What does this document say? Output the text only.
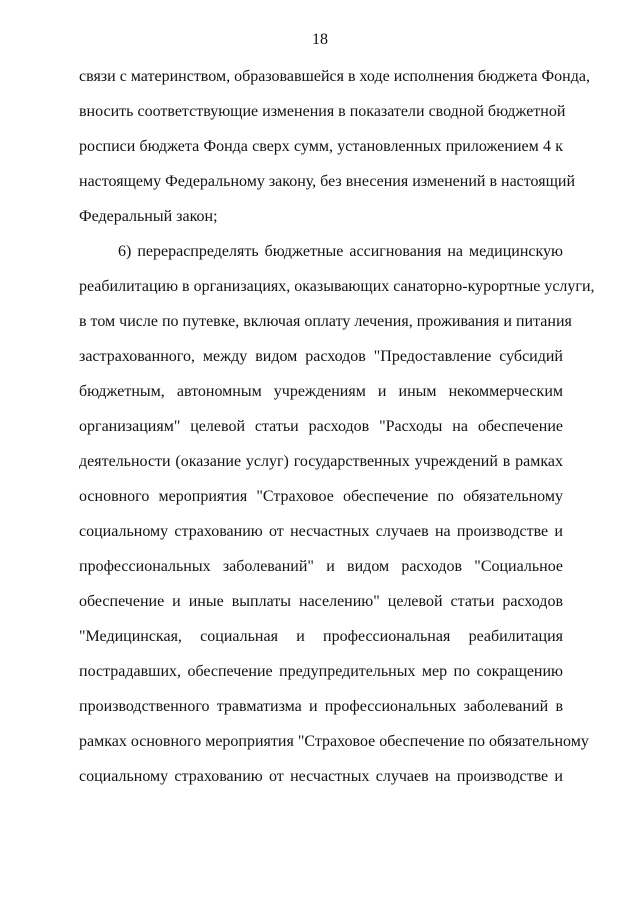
18
связи с материнством, образовавшейся в ходе исполнения бюджета Фонда,
вносить соответствующие изменения в показатели сводной бюджетной
росписи бюджета Фонда сверх сумм, установленных приложением 4 к
настоящему Федеральному закону, без внесения изменений в настоящий
Федеральный закон;
6) перераспределять бюджетные ассигнования на медицинскую
реабилитацию в организациях, оказывающих санаторно-курортные услуги,
в том числе по путевке, включая оплату лечения, проживания и питания
застрахованного, между видом расходов "Предоставление субсидий
бюджетным, автономным учреждениям и иным некоммерческим
организациям" целевой статьи расходов "Расходы на обеспечение
деятельности (оказание услуг) государственных учреждений в рамках
основного мероприятия "Страховое обеспечение по обязательному
социальному страхованию от несчастных случаев на производстве и
профессиональных заболеваний" и видом расходов "Социальное
обеспечение и иные выплаты населению" целевой статьи расходов
"Медицинская, социальная и профессиональная реабилитация
пострадавших, обеспечение предупредительных мер по сокращению
производственного травматизма и профессиональных заболеваний в
рамках основного мероприятия "Страховое обеспечение по обязательному
социальному страхованию от несчастных случаев на производстве и
